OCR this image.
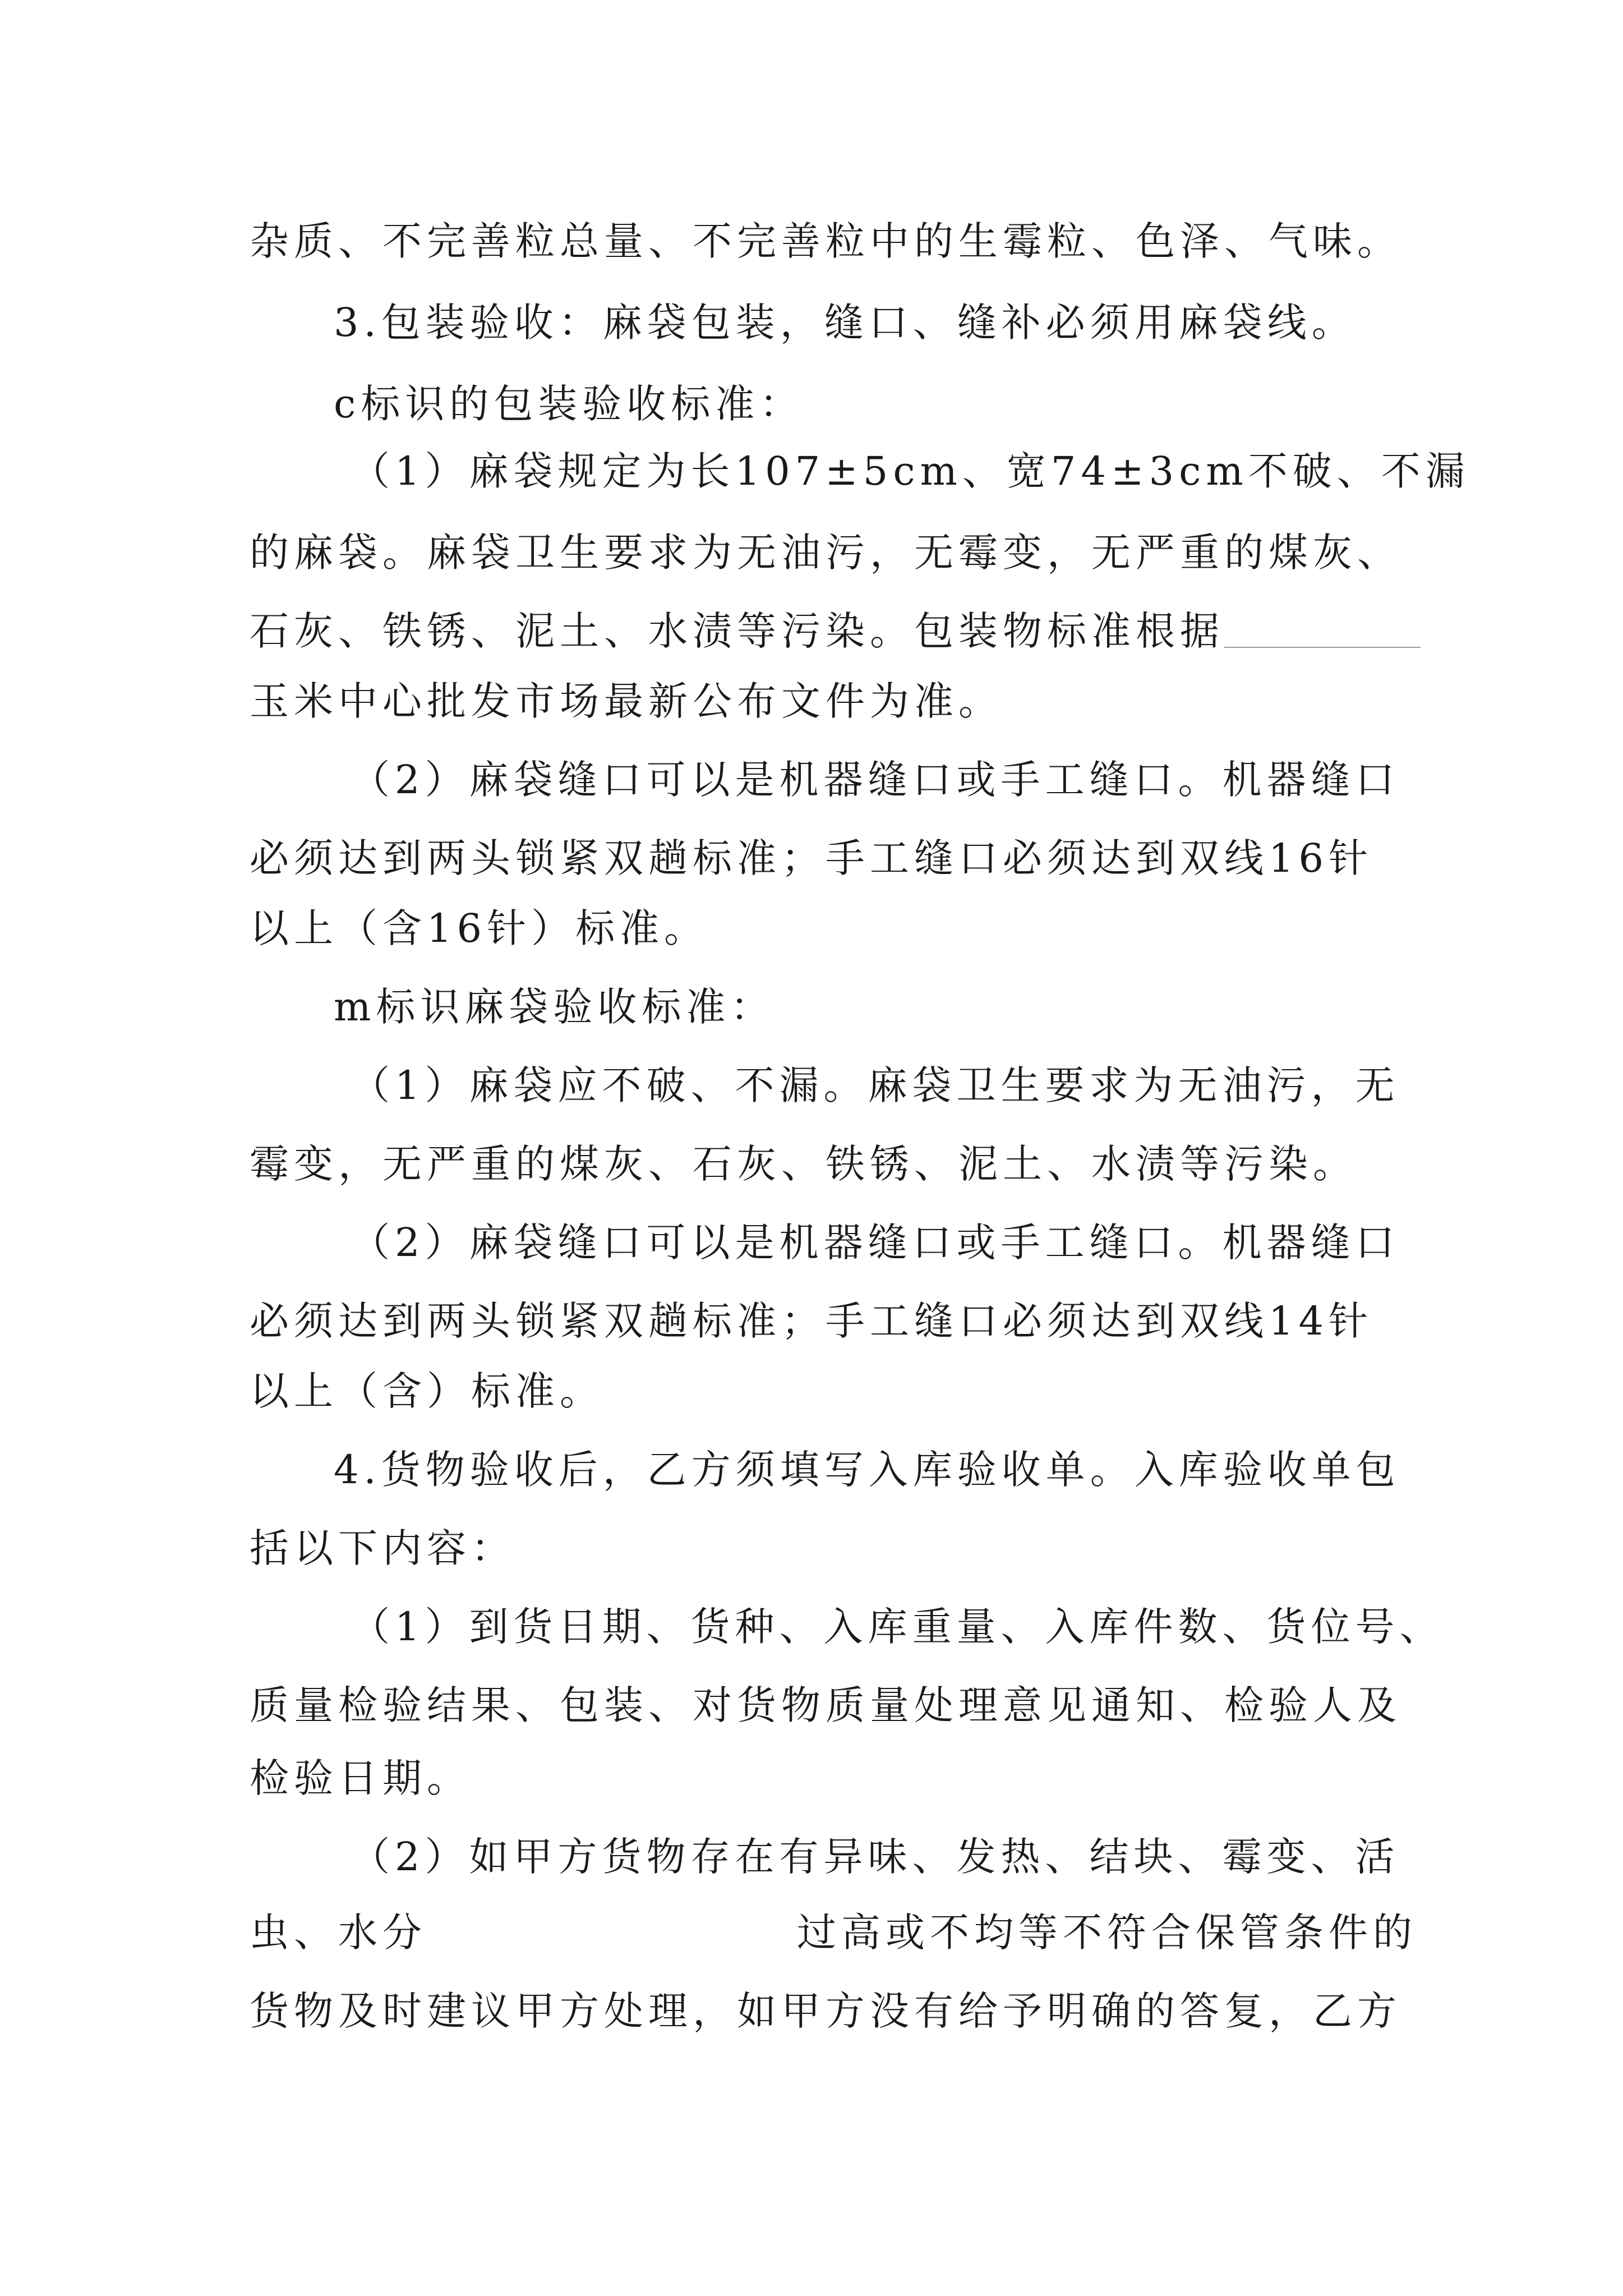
杂质、不完善粒总量、不完善粒中的生霉粒、色泽、气味。
3.包装验收：麻袋包装，缝口、缝补必须用麻袋线。
c标识的包装验收标准：
（1）麻袋规定为长107±5cm、宽74±3cm不破、不漏
的麻袋。麻袋卫生要求为无油污，无霉变，无严重的煤灰、
石灰、铁锈、泥土、水渍等污染。包装物标准根据
玉米中心批发市场最新公布文件为准。
（2）麻袋缝口可以是机器缝口或手工缝口。机器缝口
必须达到两头锁紧双趟标准；手工缝口必须达到双线16针
以上（含16针）标准。
m标识麻袋验收标准：
（1）麻袋应不破、不漏。麻袋卫生要求为无油污，无
霉变，无严重的煤灰、石灰、铁锈、泥土、水渍等污染。
（2）麻袋缝口可以是机器缝口或手工缝口。机器缝口
必须达到两头锁紧双趟标准；手工缝口必须达到双线14针
以上（含）标准。
4.货物验收后，乙方须填写入库验收单。入库验收单包
括以下内容：
（1）到货日期、货种、入库重量、入库件数、货位号、
质量检验结果、包装、对货物质量处理意见通知、检验人及
检验日期。
（2）如甲方货物存在有异味、发热、结块、霉变、活
虫、水分	过高或不均等不符合保管条件的
货物及时建议甲方处理，如甲方没有给予明确的答复，乙方
